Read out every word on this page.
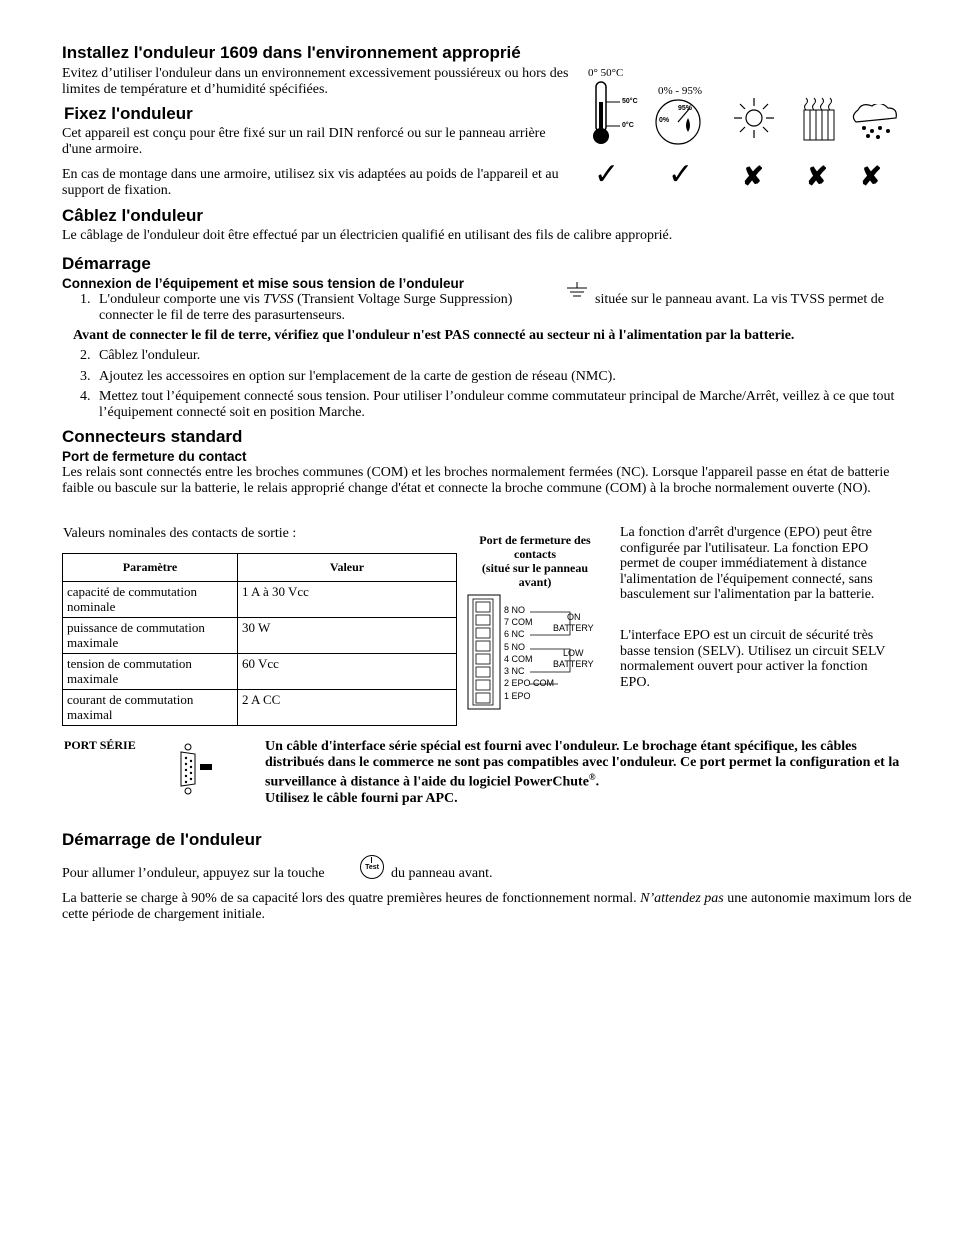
Installez l'onduleur 1609 dans l'environnement approprié
Evitez d’utiliser l'onduleur dans un environnement excessivement poussiéreux ou hors des limites de température et d’humidité spécifiées.
0° 50°C
50°C
0°C
0% - 95%
95%
0%
✓ ✓ ✘ ✘ ✘
Fixez l'onduleur
Cet appareil est conçu pour être fixé sur un rail DIN renforcé ou sur le panneau arrière d'une armoire.
En cas de montage dans une armoire, utilisez six vis adaptées au poids de l'appareil et au support de fixation.
Câblez l'onduleur
Le câblage de l'onduleur doit être effectué par un électricien qualifié en utilisant des fils de calibre approprié.
Démarrage
Connexion de l’équipement et mise sous tension de l’onduleur
1. L'onduleur comporte une vis TVSS (Transient Voltage Surge Suppression)
	située sur le panneau avant. La vis TVSS permet de connecter le fil de terre des parasurtenseurs.
Avant de connecter le fil de terre, vérifiez que l'onduleur n'est PAS connecté au secteur ni à l'alimentation par la batterie.
2. Câblez l'onduleur.
3. Ajoutez les accessoires en option sur l'emplacement de la carte de gestion de réseau (NMC).
4. Mettez tout l’équipement connecté sous tension. Pour utiliser l’onduleur comme commutateur principal de Marche/Arrêt, veillez à ce que tout l’équipement connecté soit en position Marche.
Connecteurs standard
Port de fermeture du contact
Les relais sont connectés entre les broches communes (COM) et les broches normalement fermées (NC). Lorsque l'appareil passe en état de batterie faible ou bascule sur la batterie, le relais approprié change d'état et connecte la broche commune (COM) à la broche normalement ouverte (NO).
Valeurs nominales des contacts de sortie :
Paramètre	Valeur
capacité de commutation nominale	1 A à 30 Vcc
puissance de commutation maximale	30 W
tension de commutation maximale	60 Vcc
courant de commutation maximal	2 A CC
Port de fermeture des contacts
(situé sur le panneau avant)
8 NO
7 COM
6 NC
5 NO
4 COM
3 NC
2 EPO COM
1 EPO
ON
BATTERY
LOW
BATTERY
La fonction d'arrêt d'urgence (EPO) peut être configurée par l'utilisateur. La fonction EPO permet de couper immédiatement à distance l'alimentation de l'équipement connecté, sans basculement sur l'alimentation par la batterie.
L'interface EPO est un circuit de sécurité très basse tension (SELV). Utilisez un circuit SELV normalement ouvert pour activer la fonction EPO.
PORT SÉRIE	Un câble d'interface série spécial est fourni avec l'onduleur. Le brochage étant spécifique, les câbles distribués dans le commerce ne sont pas compatibles avec l'onduleur. Ce port permet la configuration et la surveillance à distance à l'aide du logiciel PowerChute®.
Utilisez le câble fourni par APC.
Démarrage de l'onduleur
Pour allumer l’onduleur, appuyez sur la touche	Test du panneau avant.
La batterie se charge à 90% de sa capacité lors des quatre premières heures de fonctionnement normal. N’attendez pas une autonomie maximum lors de cette période de chargement initiale.
